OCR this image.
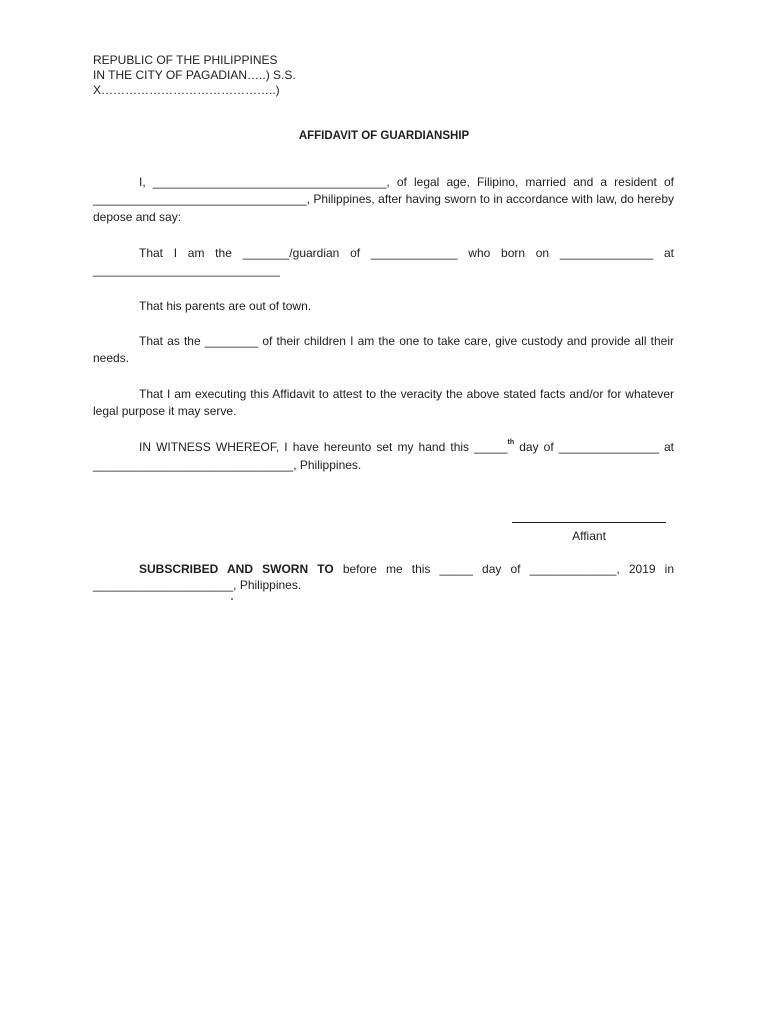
REPUBLIC OF THE PHILIPPINES
IN THE CITY OF PAGADIAN…..) S.S.
X……………………………………..)
AFFIDAVIT OF GUARDIANSHIP
I, ___________________________________, of legal age, Filipino, married and a resident of
________________________________, Philippines, after having sworn to in accordance with law, do hereby
depose and say:
That I am the _______/guardian of _____________ who born on ______________ at
____________________________
That his parents are out of town.
That as the ________ of their children I am the one to take care, give custody and provide all their
needs.
That I am executing this Affidavit to attest to the veracity the above stated facts and/or for whatever
legal purpose it may serve.
IN WITNESS WHEREOF, I have hereunto set my hand this _____$^{th}$ day of _______________ at
______________________________, Philippines.
Affiant
SUBSCRIBED AND SWORN TO before me this _____ day of _____________, 2019 in
_____________________, Philippines.
